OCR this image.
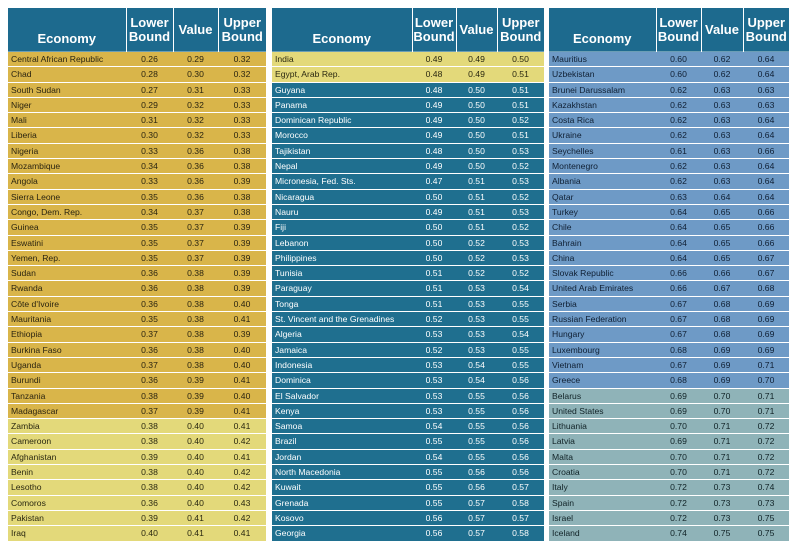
Economy	Lower Bound	Value	Upper Bound
Central African Republic	0.26	0.29	0.32
Chad	0.28	0.30	0.32
South Sudan	0.27	0.31	0.33
Niger	0.29	0.32	0.33
Mali	0.31	0.32	0.33
Liberia	0.30	0.32	0.33
Nigeria	0.33	0.36	0.38
Mozambique	0.34	0.36	0.38
Angola	0.33	0.36	0.39
Sierra Leone	0.35	0.36	0.38
Congo, Dem. Rep.	0.34	0.37	0.38
Guinea	0.35	0.37	0.39
Eswatini	0.35	0.37	0.39
Yemen, Rep.	0.35	0.37	0.39
Sudan	0.36	0.38	0.39
Rwanda	0.36	0.38	0.39
Côte d'Ivoire	0.36	0.38	0.40
Mauritania	0.35	0.38	0.41
Ethiopia	0.37	0.38	0.39
Burkina Faso	0.36	0.38	0.40
Uganda	0.37	0.38	0.40
Burundi	0.36	0.39	0.41
Tanzania	0.38	0.39	0.40
Madagascar	0.37	0.39	0.41
Zambia	0.38	0.40	0.41
Cameroon	0.38	0.40	0.42
Afghanistan	0.39	0.40	0.41
Benin	0.38	0.40	0.42
Lesotho	0.38	0.40	0.42
Comoros	0.36	0.40	0.43
Pakistan	0.39	0.41	0.42
Iraq	0.40	0.41	0.41
Economy	Lower Bound	Value	Upper Bound
India	0.49	0.49	0.50
Egypt, Arab Rep.	0.48	0.49	0.51
Guyana	0.48	0.50	0.51
Panama	0.49	0.50	0.51
Dominican Republic	0.49	0.50	0.52
Morocco	0.49	0.50	0.51
Tajikistan	0.48	0.50	0.53
Nepal	0.49	0.50	0.52
Micronesia, Fed. Sts.	0.47	0.51	0.53
Nicaragua	0.50	0.51	0.52
Nauru	0.49	0.51	0.53
Fiji	0.50	0.51	0.52
Lebanon	0.50	0.52	0.53
Philippines	0.50	0.52	0.53
Tunisia	0.51	0.52	0.52
Paraguay	0.51	0.53	0.54
Tonga	0.51	0.53	0.55
St. Vincent and the Grenadines	0.52	0.53	0.55
Algeria	0.53	0.53	0.54
Jamaica	0.52	0.53	0.55
Indonesia	0.53	0.54	0.55
Dominica	0.53	0.54	0.56
El Salvador	0.53	0.55	0.56
Kenya	0.53	0.55	0.56
Samoa	0.54	0.55	0.56
Brazil	0.55	0.55	0.56
Jordan	0.54	0.55	0.56
North Macedonia	0.55	0.56	0.56
Kuwait	0.55	0.56	0.57
Grenada	0.55	0.57	0.58
Kosovo	0.56	0.57	0.57
Georgia	0.56	0.57	0.58
Economy	Lower Bound	Value	Upper Bound
Mauritius	0.60	0.62	0.64
Uzbekistan	0.60	0.62	0.64
Brunei Darussalam	0.62	0.63	0.63
Kazakhstan	0.62	0.63	0.63
Costa Rica	0.62	0.63	0.64
Ukraine	0.62	0.63	0.64
Seychelles	0.61	0.63	0.66
Montenegro	0.62	0.63	0.64
Albania	0.62	0.63	0.64
Qatar	0.63	0.64	0.64
Turkey	0.64	0.65	0.66
Chile	0.64	0.65	0.66
Bahrain	0.64	0.65	0.66
China	0.64	0.65	0.67
Slovak Republic	0.66	0.66	0.67
United Arab Emirates	0.66	0.67	0.68
Serbia	0.67	0.68	0.69
Russian Federation	0.67	0.68	0.69
Hungary	0.67	0.68	0.69
Luxembourg	0.68	0.69	0.69
Vietnam	0.67	0.69	0.71
Greece	0.68	0.69	0.70
Belarus	0.69	0.70	0.71
United States	0.69	0.70	0.71
Lithuania	0.70	0.71	0.72
Latvia	0.69	0.71	0.72
Malta	0.70	0.71	0.72
Croatia	0.70	0.71	0.72
Italy	0.72	0.73	0.74
Spain	0.72	0.73	0.73
Israel	0.72	0.73	0.75
Iceland	0.74	0.75	0.75
